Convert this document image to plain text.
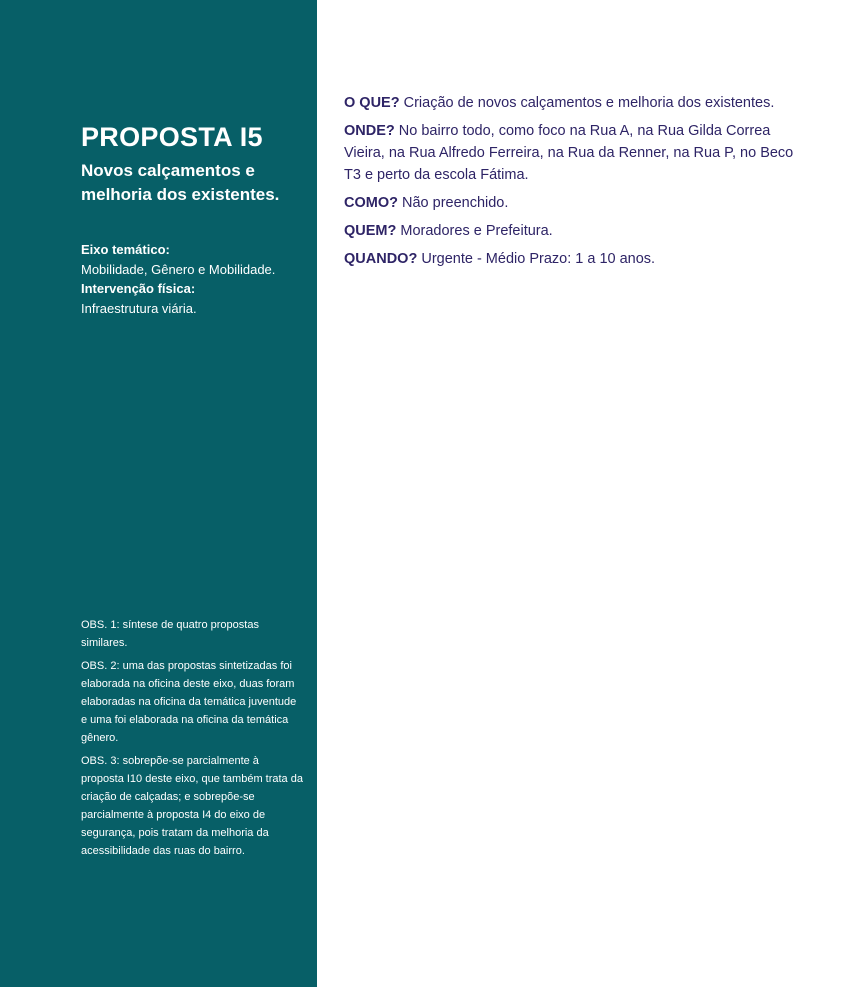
PROPOSTA I5
Novos calçamentos e melhoria dos existentes.
Eixo temático:
Mobilidade, Gênero e Mobilidade.
Intervenção física:
Infraestrutura viária.

OBS. 1: síntese de quatro propostas similares.

OBS. 2: uma das propostas sintetizadas foi elaborada na oficina deste eixo, duas foram elaboradas na oficina da temática juventude e uma foi elaborada na oficina da temática gênero.

OBS. 3: sobrepõe-se parcialmente à proposta I10 deste eixo, que também trata da criação de calçadas; e sobrepõe-se parcialmente à proposta I4 do eixo de segurança, pois tratam da melhoria da acessibilidade das ruas do bairro.

O QUE? Criação de novos calçamentos e melhoria dos existentes.

ONDE? No bairro todo, como foco na Rua A, na Rua Gilda Correa Vieira, na Rua Alfredo Ferreira, na Rua da Renner, na Rua P, no Beco T3 e perto da escola Fátima.

COMO? Não preenchido.

QUEM? Moradores e Prefeitura.

QUANDO? Urgente - Médio Prazo: 1 a 10 anos.
